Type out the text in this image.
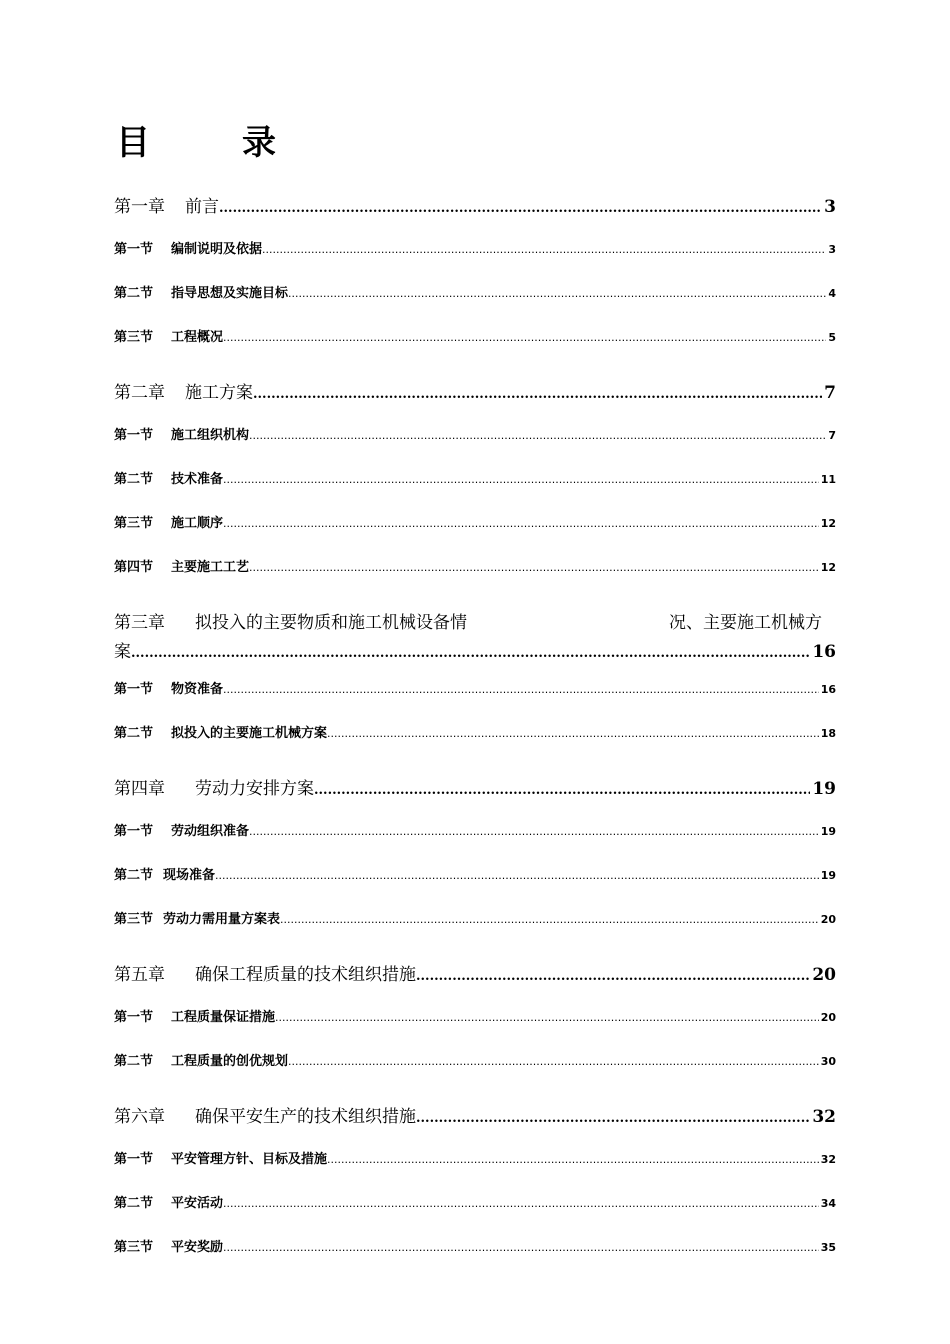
目	录
第一章 前言 .....	3
第一节 编制说明及依据 .....	3
第二节 指导思想及实施目标 .....	4
第三节 工程概况 .....	5
第二章 施工方案 .....	7
第一节 施工组织机构 .....	7
第二节 技术准备 .....	11
第三节 施工顺序 .....	12
第四节 主要施工工艺 .....	12
第三章 拟投入的主要物质和施工机械设备情	况、主要施工机械方
案 .....	16
第一节 物资准备 .....	16
第二节 拟投入的主要施工机械方案 .....	18
第四章 劳动力安排方案 .....	19
第一节 劳动组织准备 .....	19
第二节 现场准备 .....	19
第三节 劳动力需用量方案表 .....	20
第五章 确保工程质量的技术组织措施 .....	20
第一节 工程质量保证措施 .....	20
第二节 工程质量的创优规划 .....	30
第六章 确保平安生产的技术组织措施 .....	32
第一节 平安管理方针、目标及措施 .....	32
第二节 平安活动 .....	34
第三节 平安奖励 .....	35
